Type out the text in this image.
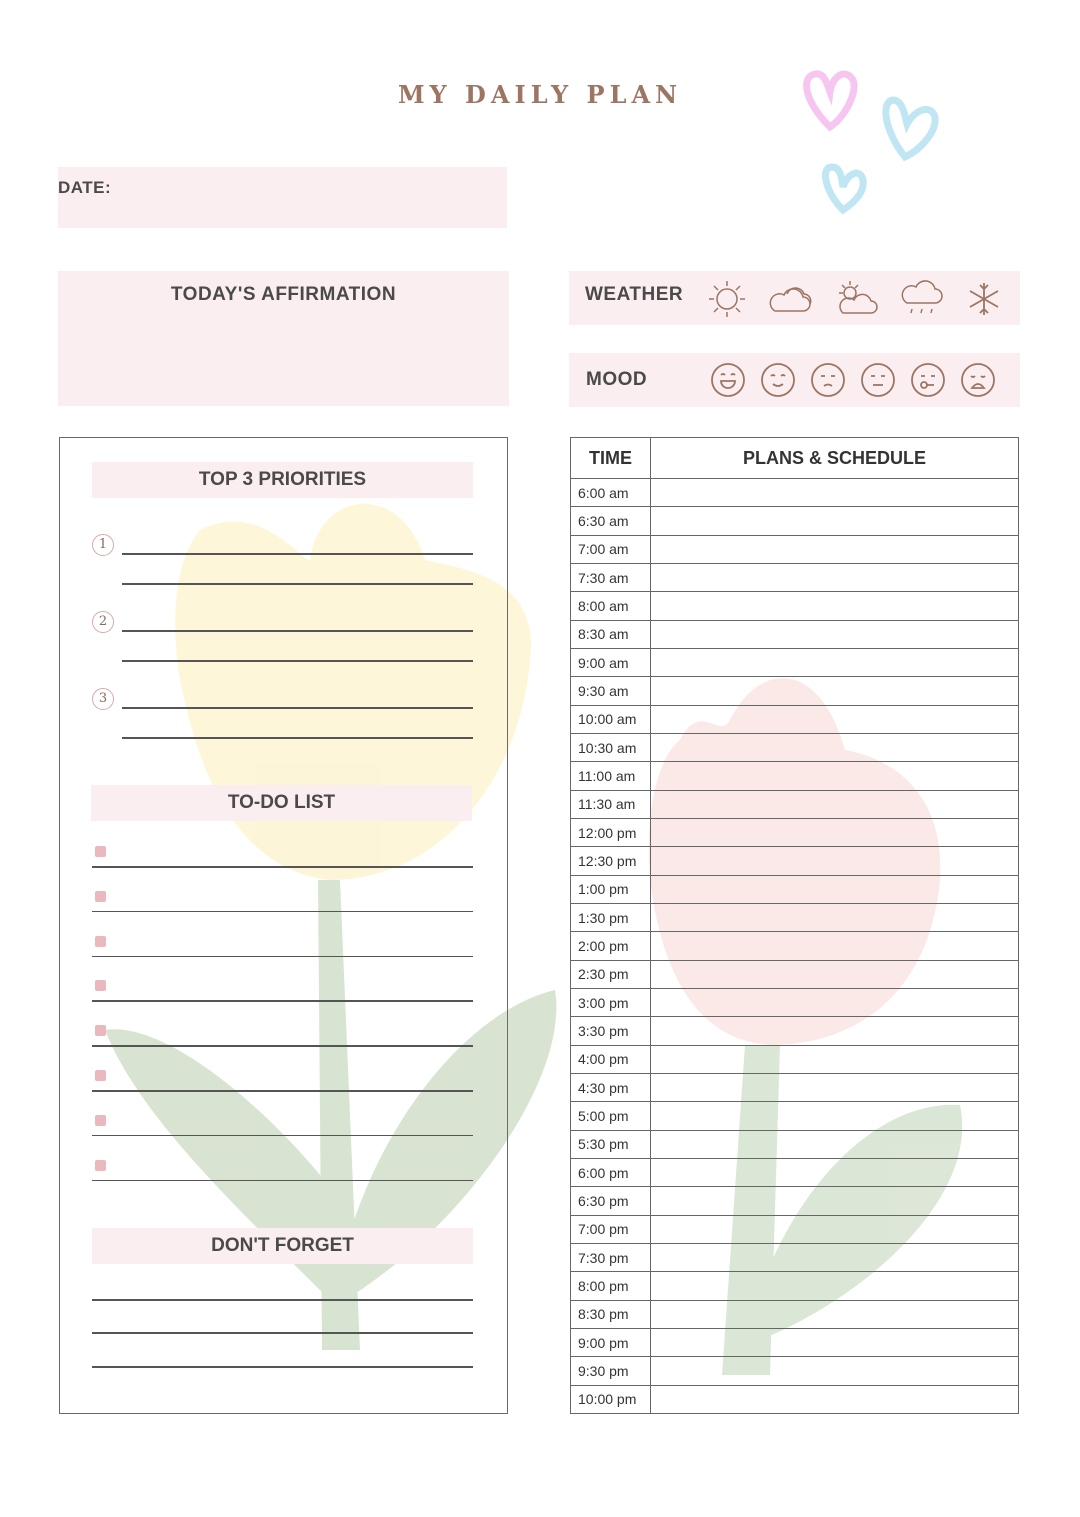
MY DAILY PLAN
DATE:
TODAY'S AFFIRMATION	WEATHER
MOOD
TOP 3 PRIORITIES
1
2
3
TO-DO LIST
DON'T FORGET
TIME	PLANS & SCHEDULE
6:00 am	
6:30 am	
7:00 am	
7:30 am	
8:00 am	
8:30 am	
9:00 am	
9:30 am	
10:00 am	
10:30 am	
11:00 am	
11:30 am	
12:00 pm	
12:30 pm	
1:00 pm	
1:30 pm	
2:00 pm	
2:30 pm	
3:00 pm	
3:30 pm	
4:00 pm	
4:30 pm	
5:00 pm	
5:30 pm	
6:00 pm	
6:30 pm	
7:00 pm	
7:30 pm	
8:00 pm	
8:30 pm	
9:00 pm	
9:30 pm	
10:00 pm	
